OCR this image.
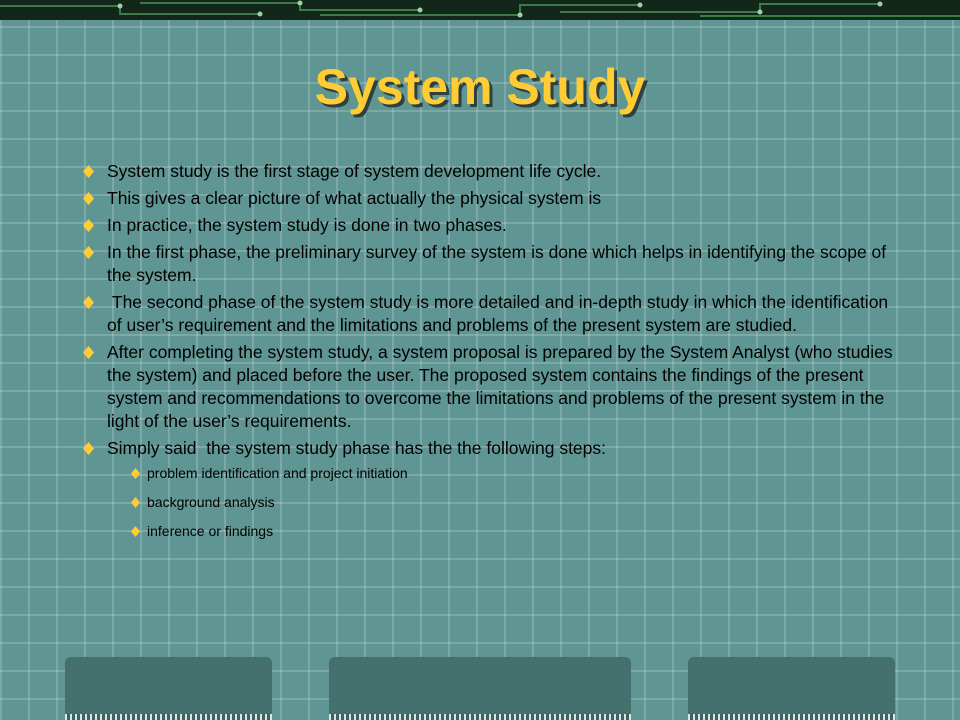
System Study
System study is the first stage of system development life cycle.
This gives a clear picture of what actually the physical system is
In practice, the system study is done in two phases.
In the first phase, the preliminary survey of the system is done which helps in identifying the scope of the system.
The second phase of the system study is more detailed and in-depth study in which the identification of user’s requirement and the limitations and problems of the present system are studied.
After completing the system study, a system proposal is prepared by the System Analyst (who studies the system) and placed before the user. The proposed system contains the findings of the present system and recommendations to overcome the limitations and problems of the present system in the light of the user’s requirements.
Simply said  the system study phase has the the following steps:
problem identification and project initiation
background analysis
inference or findings
